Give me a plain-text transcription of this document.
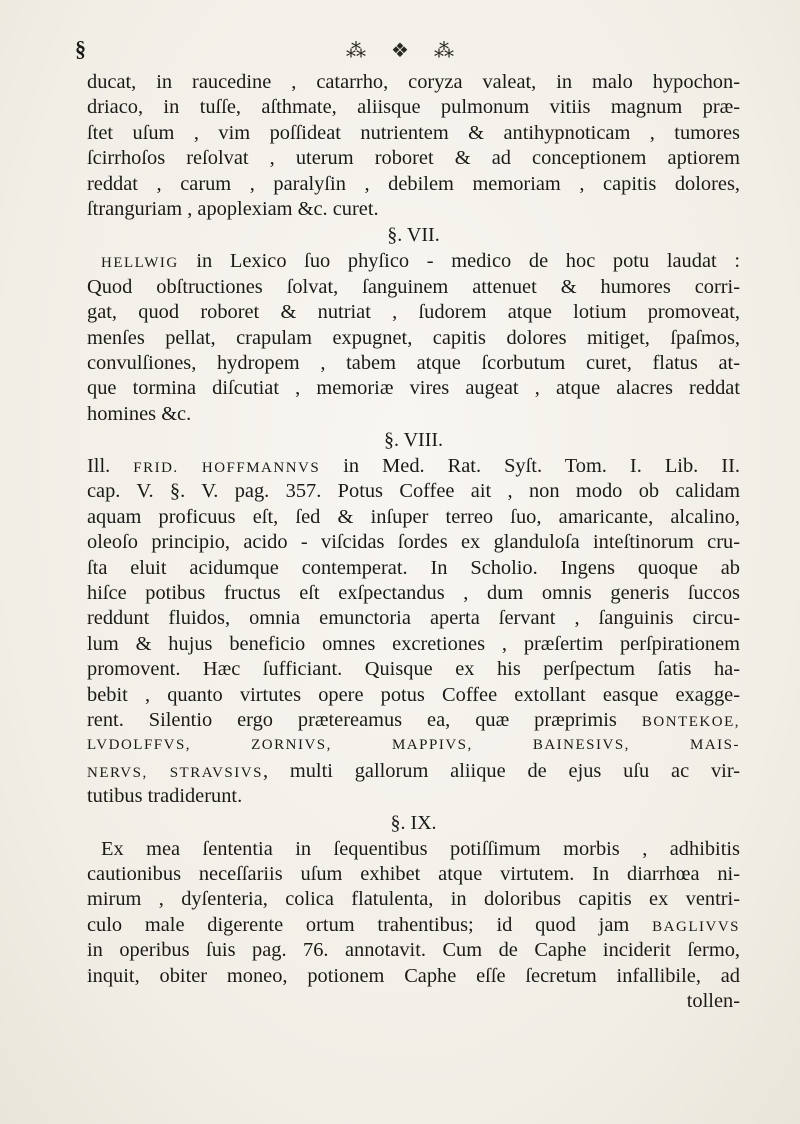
§	⁂ ❖ ⁂
ducat, in raucedine , catarrho, coryza valeat, in malo hypochon-
driaco, in tuſſe, aſthmate, aliisque pulmonum vitiis magnum præ-
ſtet uſum , vim poſſideat nutrientem & antihypnoticam , tumores
ſcirrhoſos reſolvat , uterum roboret & ad conceptionem aptiorem
reddat , carum , paralyſin , debilem memoriam , capitis dolores,
ſtranguriam , apoplexiam &c. curet.
§. VII.
HELLWIG in Lexico ſuo phyſico - medico de hoc potu laudat :
Quod obſtructiones ſolvat, ſanguinem attenuet & humores corri-
gat, quod roboret & nutriat , ſudorem atque lotium promoveat,
menſes pellat, crapulam expugnet, capitis dolores mitiget, ſpaſmos,
convulſiones, hydropem , tabem atque ſcorbutum curet, flatus at-
que tormina diſcutiat , memoriæ vires augeat , atque alacres reddat
homines &c.
§. VIII.
Ill. FRID. HOFFMANNVS in Med. Rat. Syſt. Tom. I. Lib. II.
cap. V. §. V. pag. 357. Potus Coffee ait , non modo ob calidam
aquam proficuus eſt, ſed & inſuper terreo ſuo, amaricante, alcalino,
oleoſo principio, acido - viſcidas ſordes ex glanduloſa inteſtinorum cru-
ſta eluit acidumque contemperat. In Scholio. Ingens quoque ab
hiſce potibus fructus eſt exſpectandus , dum omnis generis ſuccos
reddunt fluidos, omnia emunctoria aperta ſervant , ſanguinis circu-
lum & hujus beneficio omnes excretiones , præſertim perſpirationem
promovent. Hæc ſufficiant. Quisque ex his perſpectum ſatis ha-
bebit , quanto virtutes opere potus Coffee extollant easque exagge-
rent. Silentio ergo prætereamus ea, quæ præprimis BONTEKOE,
LVDOLFFVS, ZORNIVS, MAPPIVS, BAINESIVS, MAIS-
NERVS, STRAVSIVS, multi gallorum aliique de ejus uſu ac vir-
tutibus tradiderunt.
§. IX.
Ex mea ſententia in ſequentibus potiſſimum morbis , adhibitis
cautionibus neceſſariis uſum exhibet atque virtutem. In diarrhœa ni-
mirum , dyſenteria, colica flatulenta, in doloribus capitis ex ventri-
culo male digerente ortum trahentibus; id quod jam BAGLIVVS
in operibus ſuis pag. 76. annotavit. Cum de Caphe inciderit ſermo,
inquit, obiter moneo, potionem Caphe eſſe ſecretum infallibile, ad
tollen-
